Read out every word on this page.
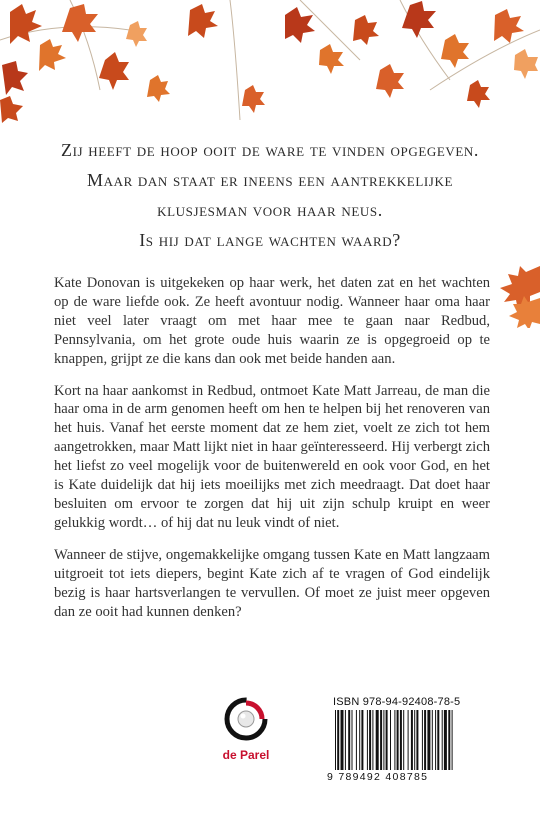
Zij heeft de hoop ooit de ware te vinden opgegeven.
Maar dan staat er ineens een aantrekkelijke
klusjesman voor haar neus.
Is hij dat lange wachten waard?

Kate Donovan is uitgekeken op haar werk, het daten zat en het wachten op de ware liefde ook. Ze heeft avontuur nodig. Wanneer haar oma haar niet veel later vraagt om met haar mee te gaan naar Redbud, Pennsylvania, om het grote oude huis waarin ze is opgegroeid op te knappen, grijpt ze die kans dan ook met beide handen aan.

Kort na haar aankomst in Redbud, ontmoet Kate Matt Jarreau, de man die haar oma in de arm genomen heeft om hen te helpen bij het renoveren van het huis. Vanaf het eerste moment dat ze hem ziet, voelt ze zich tot hem aangetrokken, maar Matt lijkt niet in haar geïnteresseerd. Hij verbergt zich het liefst zo veel mogelijk voor de buitenwereld en ook voor God, en het is Kate duidelijk dat hij iets moeilijks met zich meedraagt. Dat doet haar besluiten om ervoor te zorgen dat hij uit zijn schulp kruipt en weer gelukkig wordt… of hij dat nu leuk vindt of niet.

Wanneer de stijve, ongemakkelijke omgang tussen Kate en Matt langzaam uitgroeit tot iets diepers, begint Kate zich af te vragen of God eindelijk bezig is haar hartsverlangen te vervullen. Of moet ze juist meer opgeven dan ze ooit had kunnen denken?

de Parel
ISBN 978-94-92408-78-5
9 789492 408785
